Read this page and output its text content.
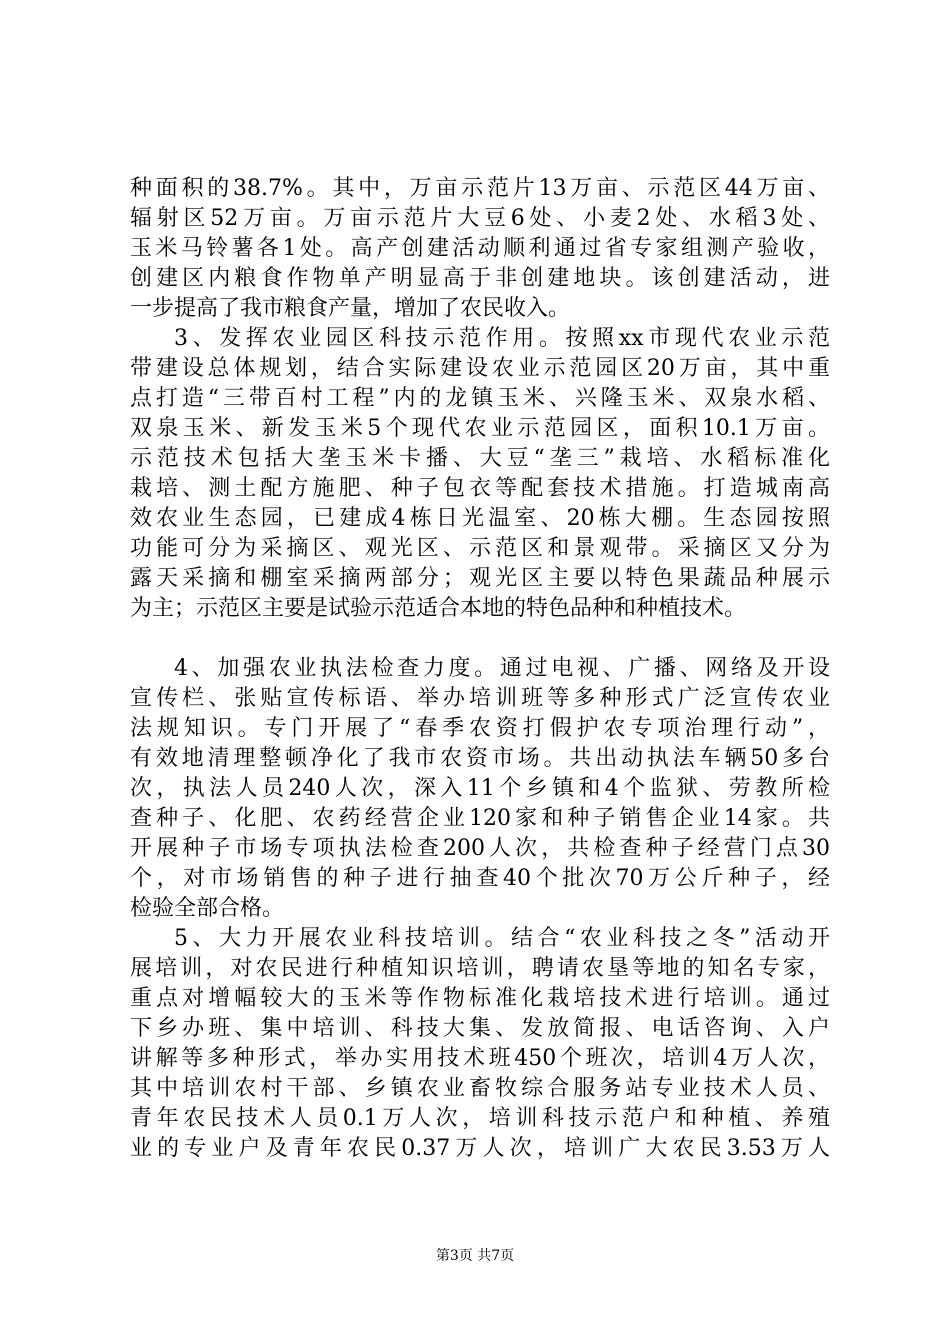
种面积的38.7%。其中，万亩示范片13万亩、示范区44万亩、
辐射区52万亩。万亩示范片大豆6处、小麦2处、水稻3处、
玉米马铃薯各1处。高产创建活动顺利通过省专家组测产验收，
创建区内粮食作物单产明显高于非创建地块。该创建活动，进
一步提高了我市粮食产量，增加了农民收入。
3、发挥农业园区科技示范作用。按照xx市现代农业示范
带建设总体规划，结合实际建设农业示范园区20万亩，其中重
点打造“三带百村工程”内的龙镇玉米、兴隆玉米、双泉水稻、
双泉玉米、新发玉米5个现代农业示范园区，面积10.1万亩。
示范技术包括大垄玉米卡播、大豆“垄三”栽培、水稻标准化
栽培、测土配方施肥、种子包衣等配套技术措施。打造城南高
效农业生态园，已建成4栋日光温室、20栋大棚。生态园按照
功能可分为采摘区、观光区、示范区和景观带。采摘区又分为
露天采摘和棚室采摘两部分；观光区主要以特色果蔬品种展示
为主；示范区主要是试验示范适合本地的特色品种和种植技术。
4、加强农业执法检查力度。通过电视、广播、网络及开设
宣传栏、张贴宣传标语、举办培训班等多种形式广泛宣传农业
法规知识。专门开展了“春季农资打假护农专项治理行动”，
有效地清理整顿净化了我市农资市场。共出动执法车辆50多台
次，执法人员240人次，深入11个乡镇和4个监狱、劳教所检
查种子、化肥、农药经营企业120家和种子销售企业14家。共
开展种子市场专项执法检查200人次，共检查种子经营门点30
个，对市场销售的种子进行抽查40个批次70万公斤种子，经
检验全部合格。
5、大力开展农业科技培训。结合“农业科技之冬”活动开
展培训，对农民进行种植知识培训，聘请农垦等地的知名专家，
重点对增幅较大的玉米等作物标准化栽培技术进行培训。通过
下乡办班、集中培训、科技大集、发放简报、电话咨询、入户
讲解等多种形式，举办实用技术班450个班次，培训4万人次，
其中培训农村干部、乡镇农业畜牧综合服务站专业技术人员、
青年农民技术人员0.1万人次，培训科技示范户和种植、养殖
业的专业户及青年农民0.37万人次，培训广大农民3.53万人
第3页 共7页
